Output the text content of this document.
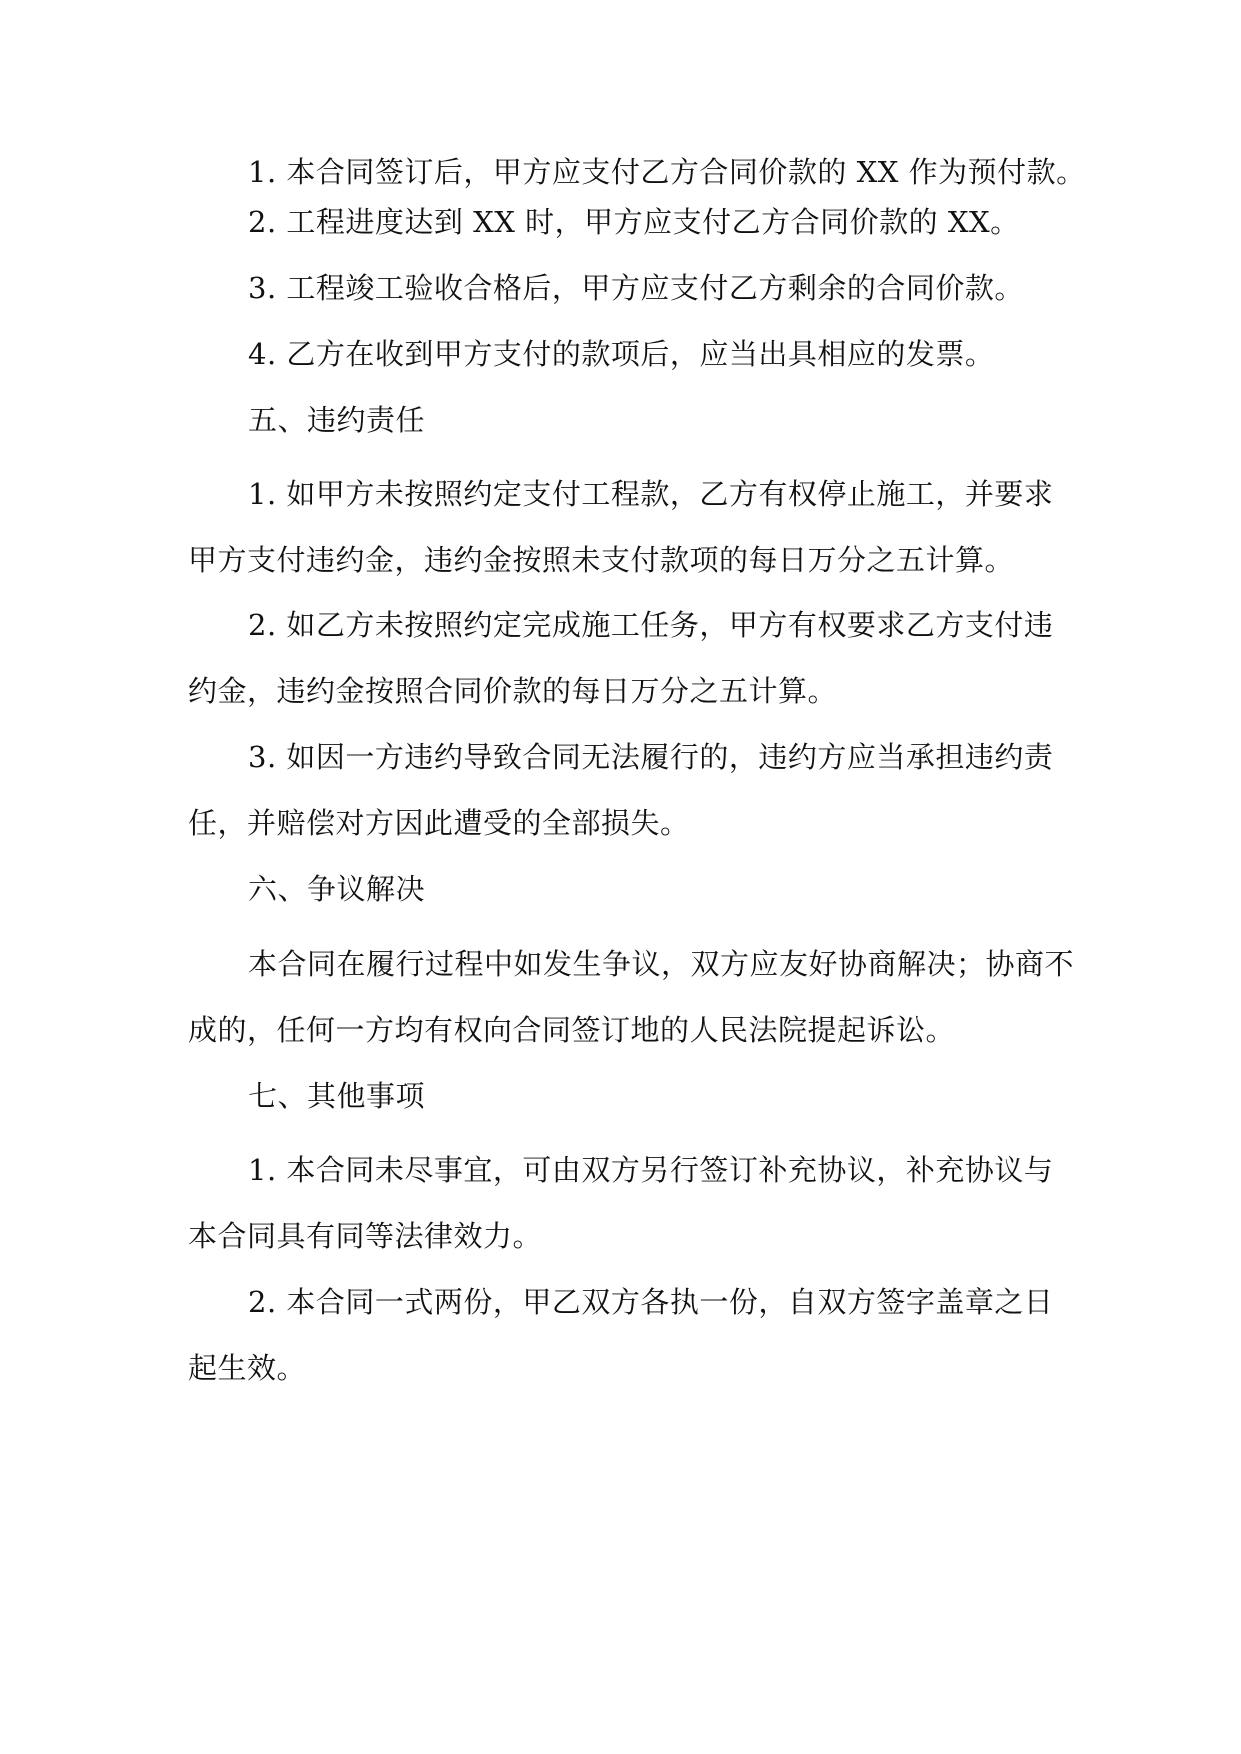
1. 本合同签订后，甲方应支付乙方合同价款的 XX 作为预付款。

2. 工程进度达到 XX 时，甲方应支付乙方合同价款的 XX。

3. 工程竣工验收合格后，甲方应支付乙方剩余的合同价款。

4. 乙方在收到甲方支付的款项后，应当出具相应的发票。

五、违约责任

1. 如甲方未按照约定支付工程款，乙方有权停止施工，并要求

甲方支付违约金，违约金按照未支付款项的每日万分之五计算。

2. 如乙方未按照约定完成施工任务，甲方有权要求乙方支付违

约金，违约金按照合同价款的每日万分之五计算。

3. 如因一方违约导致合同无法履行的，违约方应当承担违约责

任，并赔偿对方因此遭受的全部损失。

六、争议解决

本合同在履行过程中如发生争议，双方应友好协商解决；协商不

成的，任何一方均有权向合同签订地的人民法院提起诉讼。

七、其他事项

1. 本合同未尽事宜，可由双方另行签订补充协议，补充协议与

本合同具有同等法律效力。

2. 本合同一式两份，甲乙双方各执一份，自双方签字盖章之日

起生效。
